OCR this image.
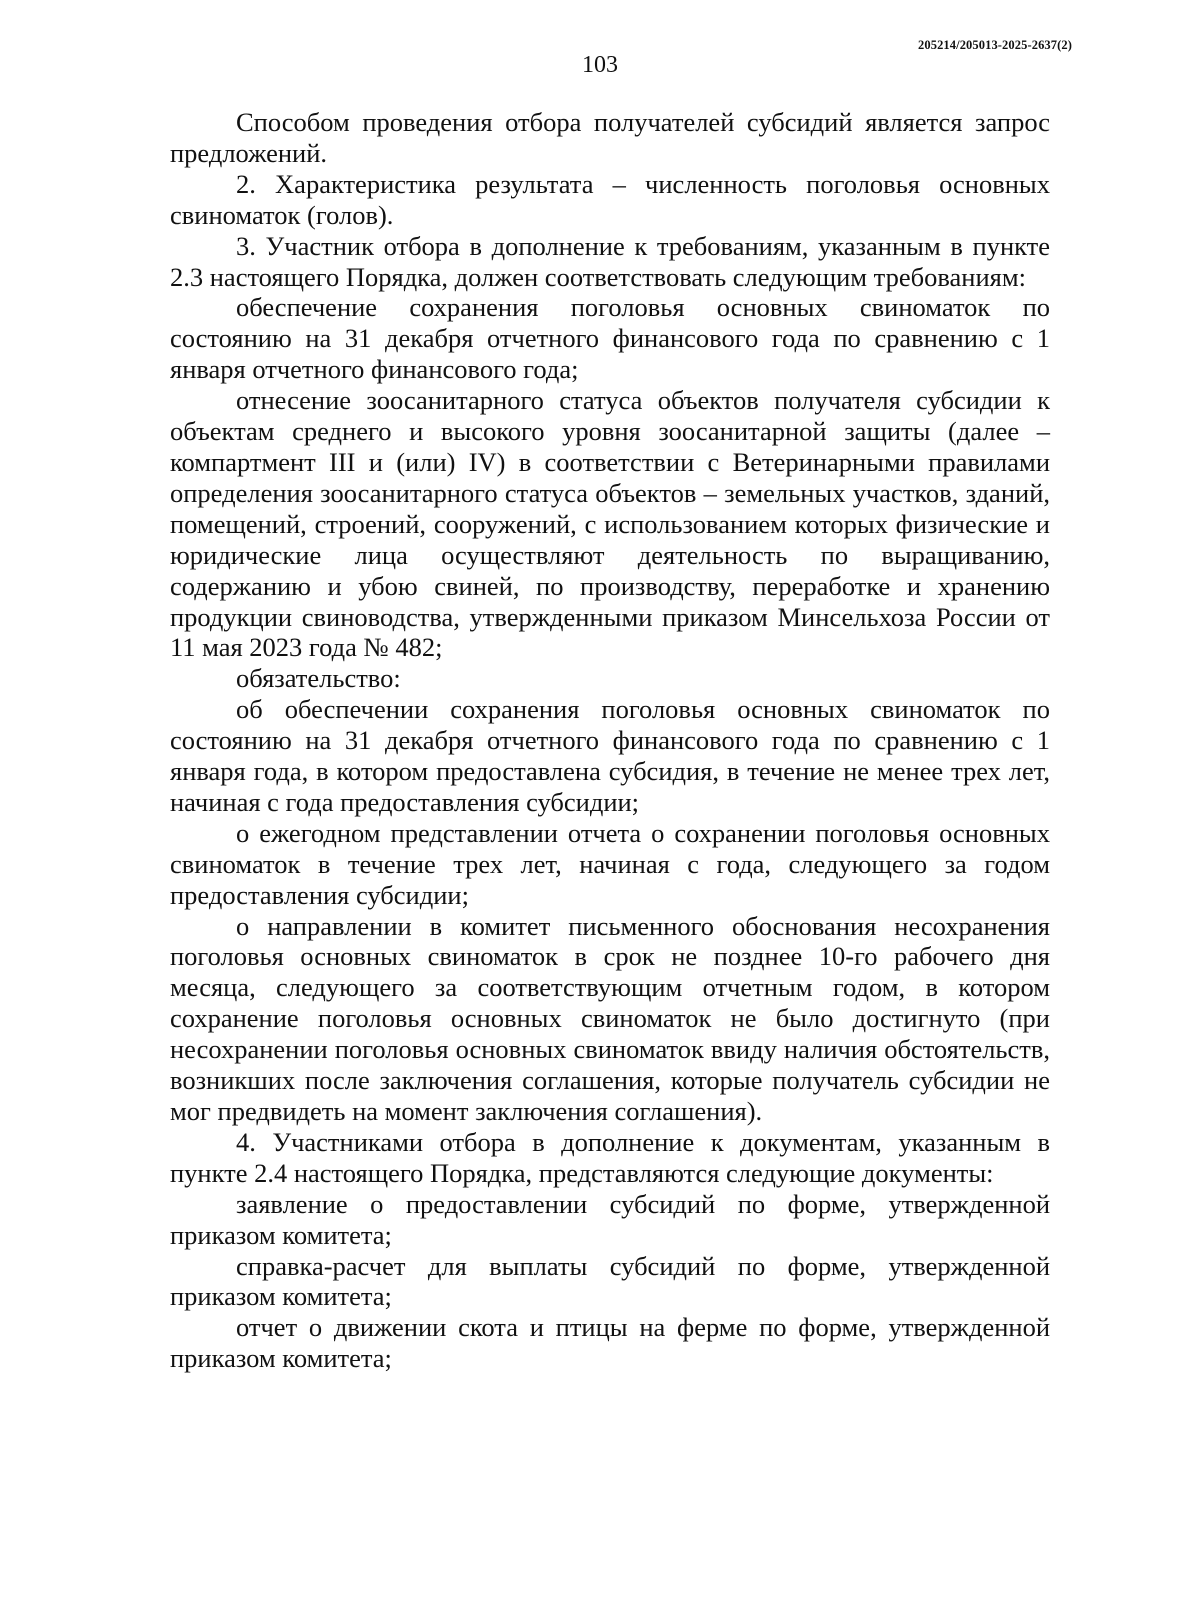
205214/205013-2025-2637(2)
103

Способом проведения отбора получателей субсидий является запрос предложений.

2. Характеристика результата – численность поголовья основных свиноматок (голов).

3. Участник отбора в дополнение к требованиям, указанным в пункте 2.3 настоящего Порядка, должен соответствовать следующим требованиям:

обеспечение сохранения поголовья основных свиноматок по состоянию на 31 декабря отчетного финансового года по сравнению с 1 января отчетного финансового года;

отнесение зоосанитарного статуса объектов получателя субсидии к объектам среднего и высокого уровня зоосанитарной защиты (далее – компартмент III и (или) IV) в соответствии с Ветеринарными правилами определения зоосанитарного статуса объектов – земельных участков, зданий, помещений, строений, сооружений, с использованием которых физические и юридические лица осуществляют деятельность по выращиванию, содержанию и убою свиней, по производству, переработке и хранению продукции свиноводства, утвержденными приказом Минсельхоза России от 11 мая 2023 года № 482;

обязательство:

об обеспечении сохранения поголовья основных свиноматок по состоянию на 31 декабря отчетного финансового года по сравнению с 1 января года, в котором предоставлена субсидия, в течение не менее трех лет, начиная с года предоставления субсидии;

о ежегодном представлении отчета о сохранении поголовья основных свиноматок в течение трех лет, начиная с года, следующего за годом предоставления субсидии;

о направлении в комитет письменного обоснования несохранения поголовья основных свиноматок в срок не позднее 10-го рабочего дня месяца, следующего за соответствующим отчетным годом, в котором сохранение поголовья основных свиноматок не было достигнуто (при несохранении поголовья основных свиноматок ввиду наличия обстоятельств, возникших после заключения соглашения, которые получатель субсидии не мог предвидеть на момент заключения соглашения).

4. Участниками отбора в дополнение к документам, указанным в пункте 2.4 настоящего Порядка, представляются следующие документы:

заявление о предоставлении субсидий по форме, утвержденной приказом комитета;

справка-расчет для выплаты субсидий по форме, утвержденной приказом комитета;

отчет о движении скота и птицы на ферме по форме, утвержденной приказом комитета;
